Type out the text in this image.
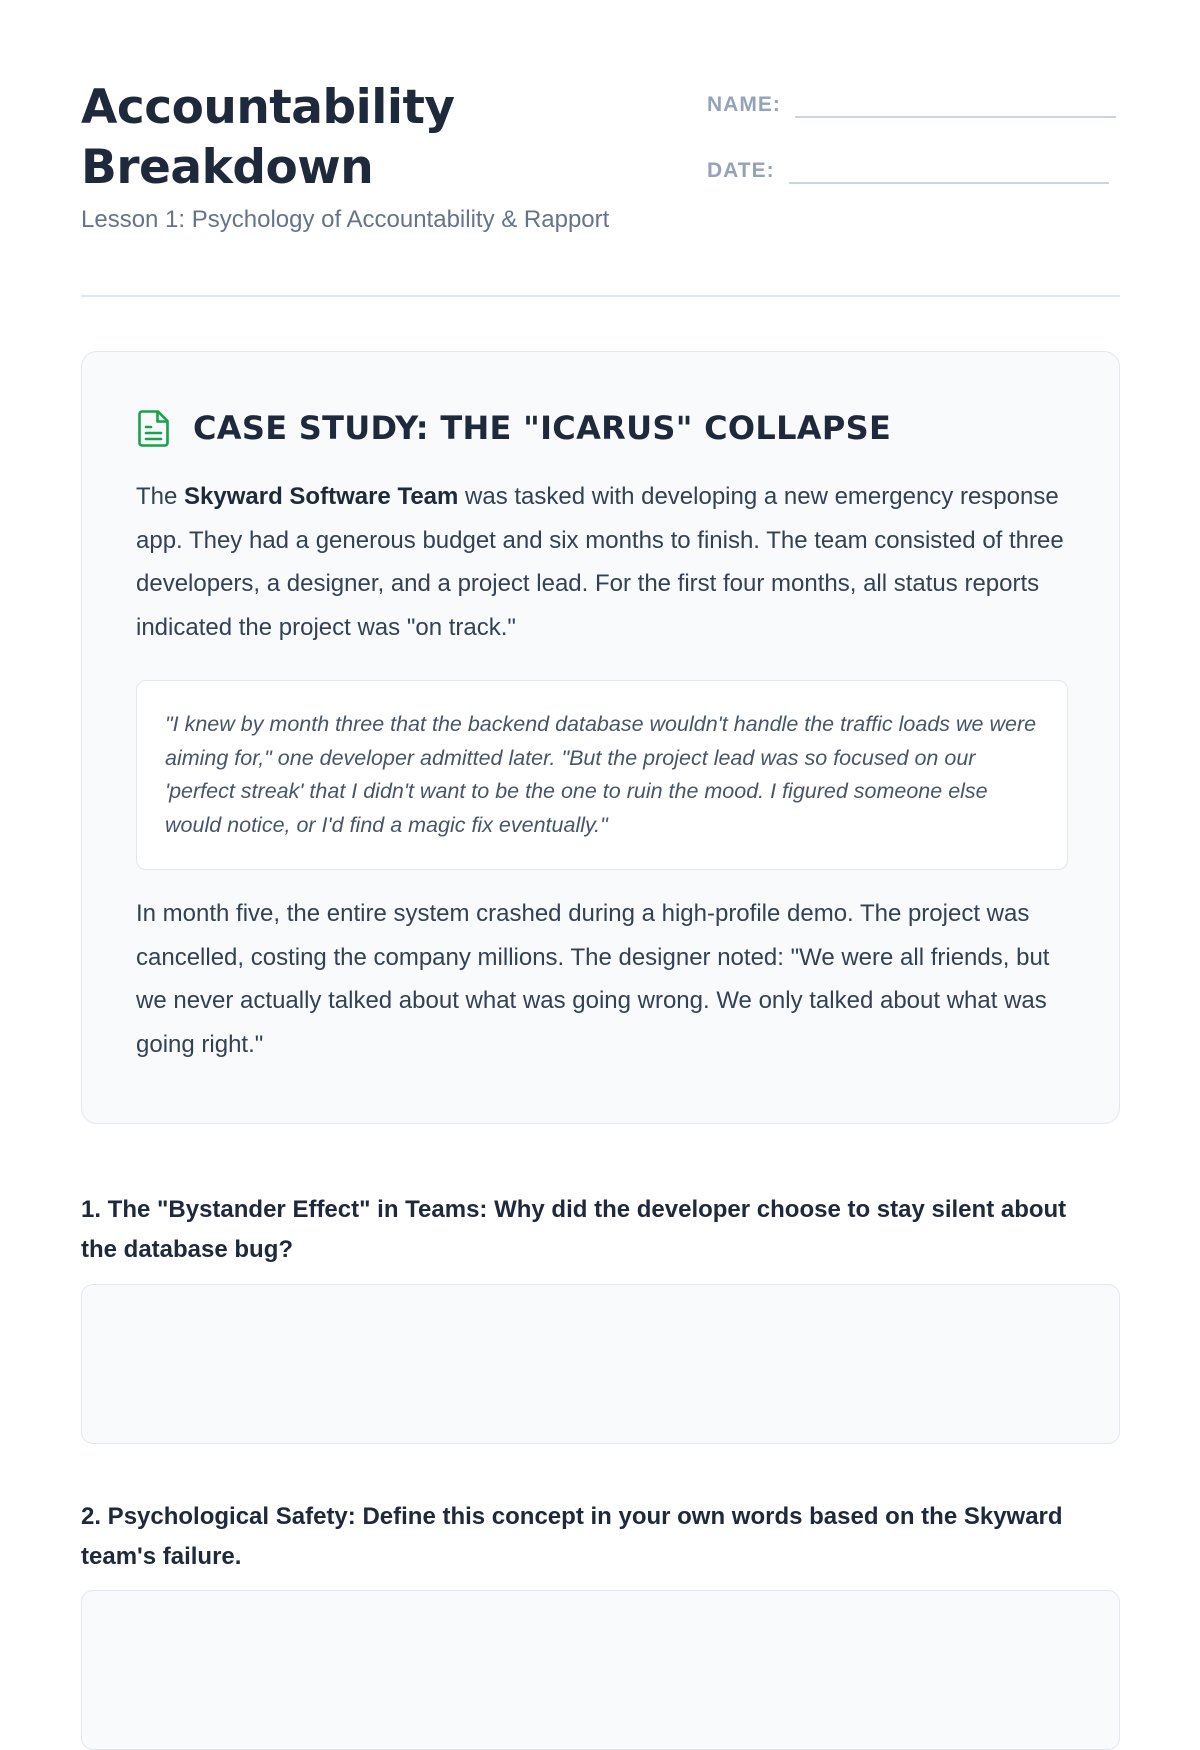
Accountability Breakdown
Lesson 1: Psychology of Accountability & Rapport
NAME:
DATE:
CASE STUDY: THE "ICARUS" COLLAPSE

The Skyward Software Team was tasked with developing a new emergency response app. They had a generous budget and six months to finish. The team consisted of three developers, a designer, and a project lead. For the first four months, all status reports indicated the project was "on track."

"I knew by month three that the backend database wouldn't handle the traffic loads we were aiming for," one developer admitted later. "But the project lead was so focused on our 'perfect streak' that I didn't want to be the one to ruin the mood. I figured someone else would notice, or I'd find a magic fix eventually."

In month five, the entire system crashed during a high-profile demo. The project was cancelled, costing the company millions. The designer noted: "We were all friends, but we never actually talked about what was going wrong. We only talked about what was going right."

1. The "Bystander Effect" in Teams: Why did the developer choose to stay silent about the database bug?

2. Psychological Safety: Define this concept in your own words based on the Skyward team's failure.
